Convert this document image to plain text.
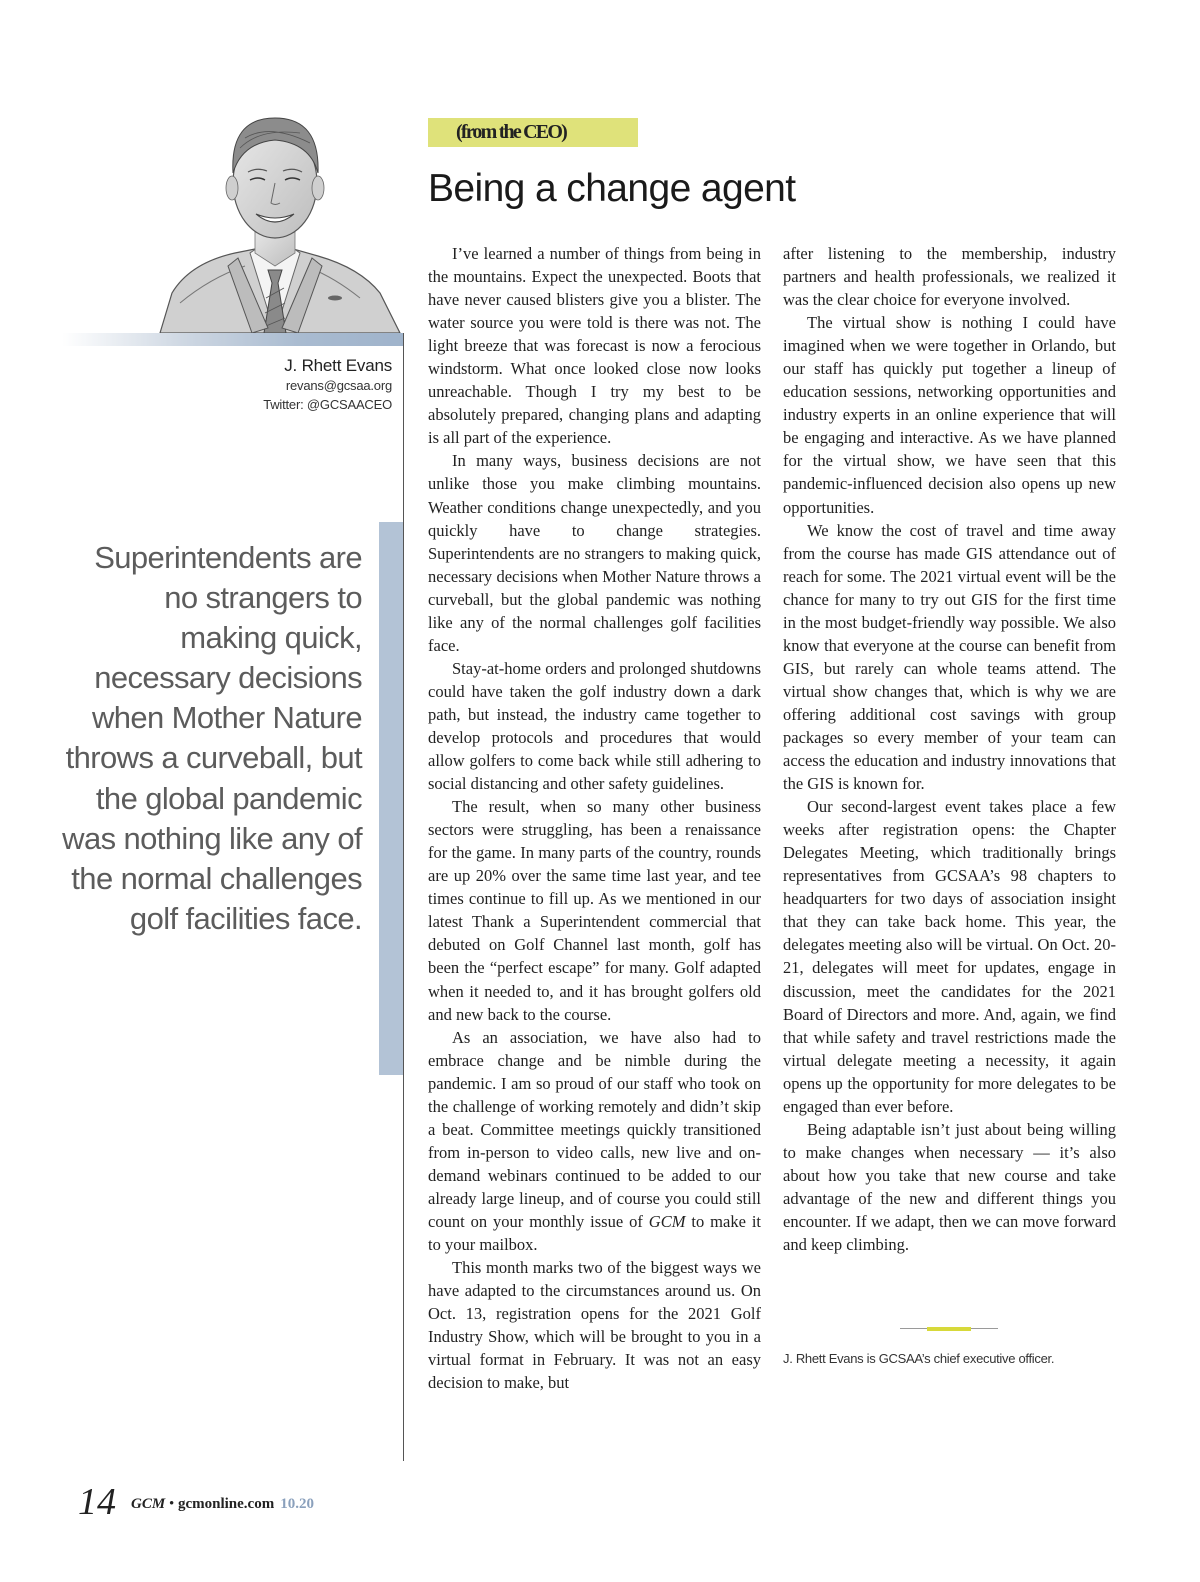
J. Rhett Evans
revans@gcsaa.org
Twitter: @GCSAACEO

Superintendents are no strangers to making quick, necessary decisions when Mother Nature throws a curveball, but the global pandemic was nothing like any of the normal challenges golf facilities face.

(from the CEO)
Being a change agent

I’ve learned a number of things from being in the mountains. Expect the unexpected. Boots that have never caused blisters give you a blister. The water source you were told is there was not. The light breeze that was forecast is now a ferocious windstorm. What once looked close now looks unreachable. Though I try my best to be absolutely prepared, changing plans and adapting is all part of the experience.

In many ways, business decisions are not unlike those you make climbing mountains. Weather conditions change unexpectedly, and you quickly have to change strategies. Superintendents are no strangers to making quick, necessary decisions when Mother Nature throws a curveball, but the global pandemic was nothing like any of the normal challenges golf facilities face.

Stay-at-home orders and prolonged shutdowns could have taken the golf industry down a dark path, but instead, the industry came together to develop protocols and procedures that would allow golfers to come back while still adhering to social distancing and other safety guidelines.

The result, when so many other business sectors were struggling, has been a renaissance for the game. In many parts of the country, rounds are up 20% over the same time last year, and tee times continue to fill up. As we mentioned in our latest Thank a Superintendent commercial that debuted on Golf Channel last month, golf has been the “perfect escape” for many. Golf adapted when it needed to, and it has brought golfers old and new back to the course.

As an association, we have also had to embrace change and be nimble during the pandemic. I am so proud of our staff who took on the challenge of working remotely and didn’t skip a beat. Committee meetings quickly transitioned from in-person to video calls, new live and on-demand webinars continued to be added to our already large lineup, and of course you could still count on your monthly issue of GCM to make it to your mailbox.

This month marks two of the biggest ways we have adapted to the circumstances around us. On Oct. 13, registration opens for the 2021 Golf Industry Show, which will be brought to you in a virtual format in February. It was not an easy decision to make, but

after listening to the membership, industry partners and health professionals, we realized it was the clear choice for everyone involved.

The virtual show is nothing I could have imagined when we were together in Orlando, but our staff has quickly put together a lineup of education sessions, networking opportunities and industry experts in an online experience that will be engaging and interactive. As we have planned for the virtual show, we have seen that this pandemic-influenced decision also opens up new opportunities.

We know the cost of travel and time away from the course has made GIS attendance out of reach for some. The 2021 virtual event will be the chance for many to try out GIS for the first time in the most budget-friendly way possible. We also know that everyone at the course can benefit from GIS, but rarely can whole teams attend. The virtual show changes that, which is why we are offering additional cost savings with group packages so every member of your team can access the education and industry innovations that the GIS is known for.

Our second-largest event takes place a few weeks after registration opens: the Chapter Delegates Meeting, which traditionally brings representatives from GCSAA’s 98 chapters to headquarters for two days of association insight that they can take back home. This year, the delegates meeting also will be virtual. On Oct. 20-21, delegates will meet for updates, engage in discussion, meet the candidates for the 2021 Board of Directors and more. And, again, we find that while safety and travel restrictions made the virtual delegate meeting a necessity, it again opens up the opportunity for more delegates to be engaged than ever before.

Being adaptable isn’t just about being willing to make changes when necessary — it’s also about how you take that new course and take advantage of the new and different things you encounter. If we adapt, then we can move forward and keep climbing.

J. Rhett Evans is GCSAA’s chief executive officer.
14 GCM • gcmonline.com 10.20
